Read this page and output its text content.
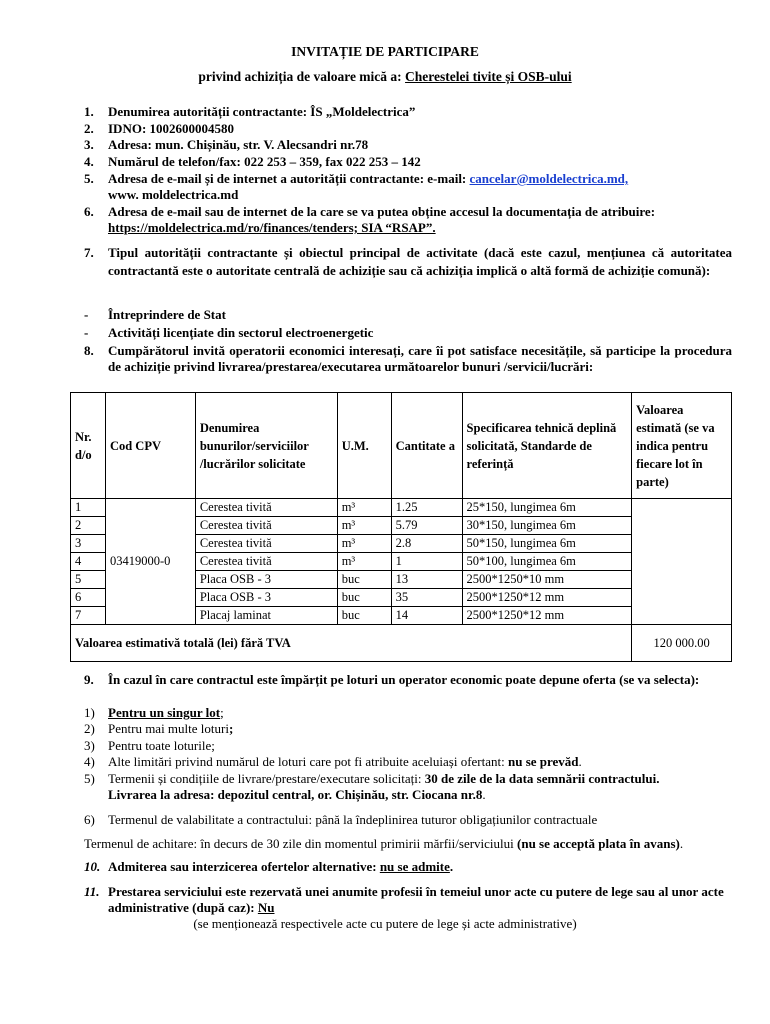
INVITAȚIE DE PARTICIPARE
privind achiziția de valoare mică a: Cherestelei tivite și OSB-ului
1.	Denumirea autorității contractante: ÎS „Moldelectrica”
2.	IDNO: 1002600004580
3.	Adresa: mun. Chișinău, str. V. Alecsandri nr.78
4.	Numărul de telefon/fax: 022 253 – 359, fax 022 253 – 142
5.	Adresa de e-mail și de internet a autorității contractante: e-mail: cancelar@moldelectrica.md,
www. moldelectrica.md
6.	Adresa de e-mail sau de internet de la care se va putea obține accesul la documentația de atribuire:
https://moldelectrica.md/ro/finances/tenders; SIA “RSAP”.
7.	Tipul autorității contractante și obiectul principal de activitate (dacă este cazul, mențiunea că autoritatea contractantă este o autoritate centrală de achiziție sau că achiziția implică o altă formă de achiziție comună):
- Întreprindere de Stat
- Activități licențiate din sectorul electroenergetic
8.	Cumpărătorul invită operatorii economici interesați, care îi pot satisface necesitățile, să participe la procedura de achiziție privind livrarea/prestarea/executarea următoarelor bunuri /servicii/lucrări:
Nr. d/o	Cod CPV	Denumirea bunurilor/serviciilor /lucrărilor solicitate	U.M.	Cantitate a	Specificarea tehnică deplină solicitată, Standarde de referință	Valoarea estimată (se va indica pentru fiecare lot în parte)
1	03419000-0	Cerestea tivită	m³	1.25	25*150, lungimea 6m	
2		Cerestea tivită	m³	5.79	30*150, lungimea 6m	
3		Cerestea tivită	m³	2.8	50*150, lungimea 6m	
4		Cerestea tivită	m³	1	50*100, lungimea 6m	
5		Placa OSB - 3	buc	13	2500*1250*10 mm	
6		Placa OSB - 3	buc	35	2500*1250*12 mm	
7		Placaj laminat	buc	14	2500*1250*12 mm	
Valoarea estimativă totală (lei) fără TVA						120 000.00
9.	În cazul în care contractul este împărțit pe loturi un operator economic poate depune oferta (se va selecta):
1) Pentru un singur lot;
2) Pentru mai multe loturi;
3) Pentru toate loturile;
4) Alte limitări privind numărul de loturi care pot fi atribuite aceluiași ofertant: nu se prevăd.
5) Termenii și condițiile de livrare/prestare/executare solicitați: 30 de zile de la data semnării contractului.
Livrarea la adresa: depozitul central, or. Chișinău, str. Ciocana nr.8.
6) Termenul de valabilitate a contractului: până la îndeplinirea tuturor obligațiunilor contractuale
Termenul de achitare: în decurs de 30 zile din momentul primirii mărfii/serviciului (nu se acceptă plata în avans).
10. Admiterea sau interzicerea ofertelor alternative: nu se admite.
11. Prestarea serviciului este rezervată unei anumite profesii în temeiul unor acte cu putere de lege sau al unor acte administrative (după caz): Nu
(se menționează respectivele acte cu putere de lege și acte administrative)
